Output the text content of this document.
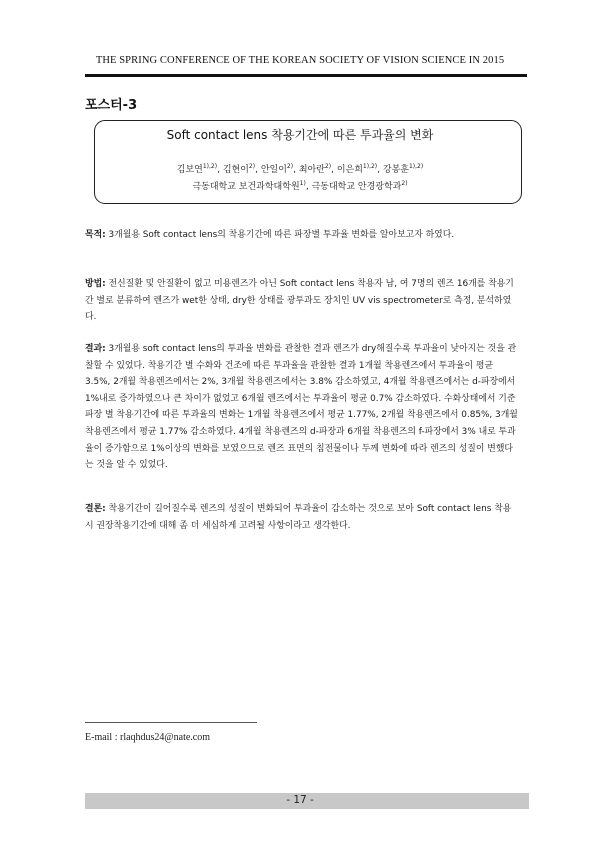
THE SPRING CONFERENCE OF THE KOREAN SOCIETY OF VISION SCIENCE IN 2015
포스터-3
Soft contact lens 착용기간에 따른 투과율의 변화
김보연$^{1),2)}$, 김현이$^{2)}$, 안일이$^{2)}$, 최아란$^{2)}$, 이은희$^{1),2)}$, 강봉훈$^{1),2)}$
극동대학교 보건과학대학원$^{1)}$, 극동대학교 안경광학과$^{2)}$
목적: 3개월용 Soft contact lens의 착용기간에 따른 파장별 투과율 변화를 알아보고자 하였다.
방법: 전신질환 및 안질환이 없고 미용렌즈가 아닌 Soft contact lens 착용자 남, 여 7명의 렌즈 16개를 착용기간 별로 분류하여 렌즈가 wet한 상태, dry한 상태를 광투과도 장치인 UV vis spectrometer로 측정, 분석하였다.
결과: 3개월용 soft contact lens의 투과율 변화를 관찰한 결과 렌즈가 dry해질수록 투과율이 낮아지는 것을 관찰할 수 있었다. 착용기간 별 수화와 건조에 따른 투과율을 관찰한 결과 1개월 착용렌즈에서 투과율이 평균 3.5%, 2개월 착용렌즈에서는 2%, 3개월 착용렌즈에서는 3.8% 감소하였고, 4개월 착용렌즈에서는 d-파장에서 1%내로 증가하였으나 큰 차이가 없었고 6개월 렌즈에서는 투과율이 평균 0.7% 감소하였다. 수화상태에서 기준파장 별 착용기간에 따른 투과율의 변화는 1개월 착용렌즈에서 평균 1.77%, 2개월 착용렌즈에서 0.85%, 3개월 착용렌즈에서 평균 1.77% 감소하였다. 4개월 착용렌즈의 d-파장과 6개월 착용렌즈의 f-파장에서 3% 내로 투과율이 증가함으로 1%이상의 변화를 보였으므로 렌즈 표면의 침전물이나 두께 변화에 따라 렌즈의 성질이 변했다는 것을 알 수 있었다.
결론: 착용기간이 길어질수록 렌즈의 성질이 변화되어 투과율이 감소하는 것으로 보아 Soft contact lens 착용 시 권장착용기간에 대해 좀 더 세심하게 고려될 사항이라고 생각한다.
E-mail : rlaqhdus24@nate.com
- 17 -
